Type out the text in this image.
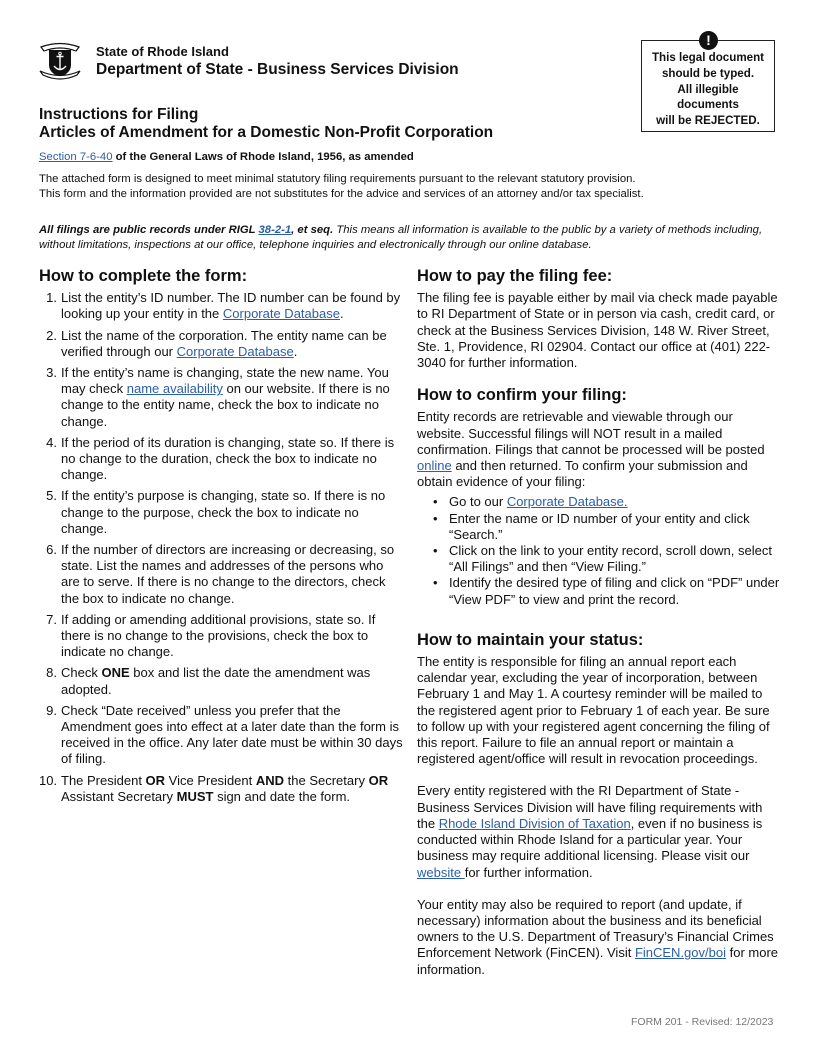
State of Rhode Island
Department of State - Business Services Division
!
This legal document
should be typed.
All illegible
documents
will be REJECTED.
Instructions for Filing
Articles of Amendment for a Domestic Non-Profit Corporation
Section 7-6-40 of the General Laws of Rhode Island, 1956, as amended
The attached form is designed to meet minimal statutory filing requirements pursuant to the relevant statutory provision.
This form and the information provided are not substitutes for the advice and services of an attorney and/or tax specialist.
All filings are public records under RIGL 38-2-1, et seq. This means all information is available to the public by a variety of methods including, without limitations, inspections at our office, telephone inquiries and electronically through our online database.
How to complete the form:
1. List the entity’s ID number. The ID number can be found by looking up your entity in the Corporate Database.
2. List the name of the corporation. The entity name can be verified through our Corporate Database.
3. If the entity’s name is changing, state the new name. You may check name availability on our website. If there is no change to the entity name, check the box to indicate no change.
4. If the period of its duration is changing, state so. If there is no change to the duration, check the box to indicate no change.
5. If the entity’s purpose is changing, state so. If there is no change to the purpose, check the box to indicate no change.
6. If the number of directors are increasing or decreasing, so state. List the names and addresses of the persons who are to serve. If there is no change to the directors, check the box to indicate no change.
7. If adding or amending additional provisions, state so. If there is no change to the provisions, check the box to indicate no change.
8. Check ONE box and list the date the amendment was adopted.
9. Check “Date received” unless you prefer that the Amendment goes into effect at a later date than the form is received in the office. Any later date must be within 30 days of filing.
10. The President OR Vice President AND the Secretary OR Assistant Secretary MUST sign and date the form.
How to pay the filing fee:

The filing fee is payable either by mail via check made payable to RI Department of State or in person via cash, credit card, or check at the Business Services Division, 148 W. River Street, Ste. 1, Providence, RI 02904. Contact our office at (401) 222-3040 for further information.

How to confirm your filing:

Entity records are retrievable and viewable through our website. Successful filings will NOT result in a mailed confirmation. Filings that cannot be processed will be posted online and then returned. To confirm your submission and obtain evidence of your filing:

• Go to our Corporate Database.
• Enter the name or ID number of your entity and click “Search.”
• Click on the link to your entity record, scroll down, select “All Filings” and then “View Filing.”
• Identify the desired type of filing and click on “PDF” under “View PDF” to view and print the record.
How to maintain your status:

The entity is responsible for filing an annual report each calendar year, excluding the year of incorporation, between February 1 and May 1. A courtesy reminder will be mailed to the registered agent prior to February 1 of each year. Be sure to follow up with your registered agent concerning the filing of this report. Failure to file an annual report or maintain a registered agent/office will result in revocation proceedings.

Every entity registered with the RI Department of State - Business Services Division will have filing requirements with the Rhode Island Division of Taxation, even if no business is conducted within Rhode Island for a particular year. Your business may require additional licensing. Please visit our website for further information.

Your entity may also be required to report (and update, if necessary) information about the business and its beneficial owners to the U.S. Department of Treasury’s Financial Crimes Enforcement Network (FinCEN). Visit FinCEN.gov/boi for more information.

FORM 201 - Revised: 12/2023
